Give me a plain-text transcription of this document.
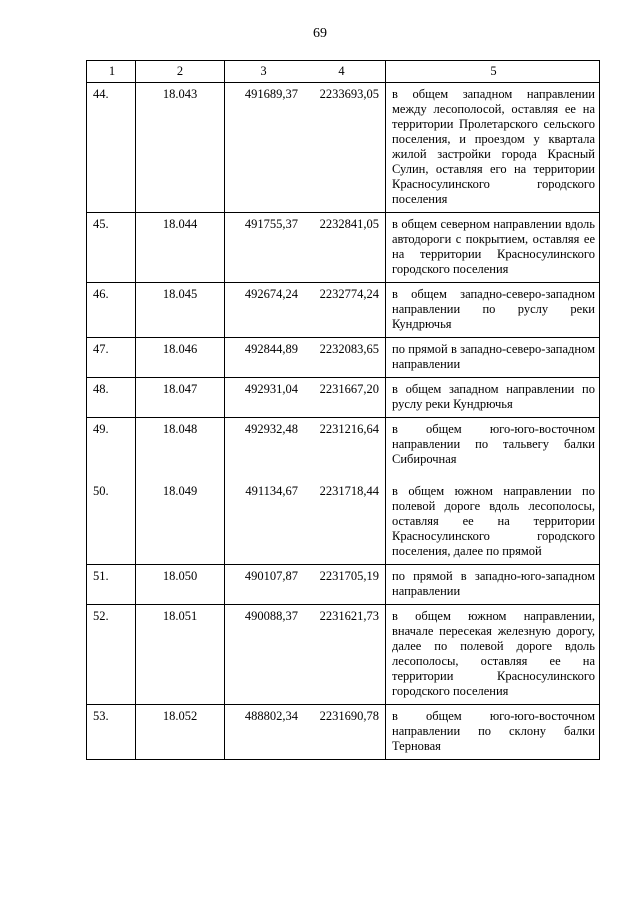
69
1	2	3	4	5
44.	18.043	491689,37	2233693,05	в общем западном направлении между лесополосой, оставляя ее на территории Пролетарского сельского поселения, и проездом у квартала жилой застройки города Красный Сулин, оставляя его на территории Красносулинского городского поселения
45.	18.044	491755,37	2232841,05	в общем северном направлении вдоль автодороги с покрытием, оставляя ее на территории Красносулинского городского поселения
46.	18.045	492674,24	2232774,24	в общем западно-северо-западном направлении по руслу реки Кундрючья
47.	18.046	492844,89	2232083,65	по прямой в западно-северо-западном направлении
48.	18.047	492931,04	2231667,20	в общем западном направлении по руслу реки Кундрючья
49.	18.048	492932,48	2231216,64	в общем юго-юго-восточном направлении по тальвегу балки Сибирочная
50.	18.049	491134,67	2231718,44	в общем южном направлении по полевой дороге вдоль лесополосы, оставляя ее на территории Красносулинского городского поселения, далее по прямой
51.	18.050	490107,87	2231705,19	по прямой в западно-юго-западном направлении
52.	18.051	490088,37	2231621,73	в общем южном направлении, вначале пересекая железную дорогу, далее по полевой дороге вдоль лесополосы, оставляя ее на территории Красносулинского городского поселения
53.	18.052	488802,34	2231690,78	в общем юго-юго-восточном направлении по склону балки Терновая
